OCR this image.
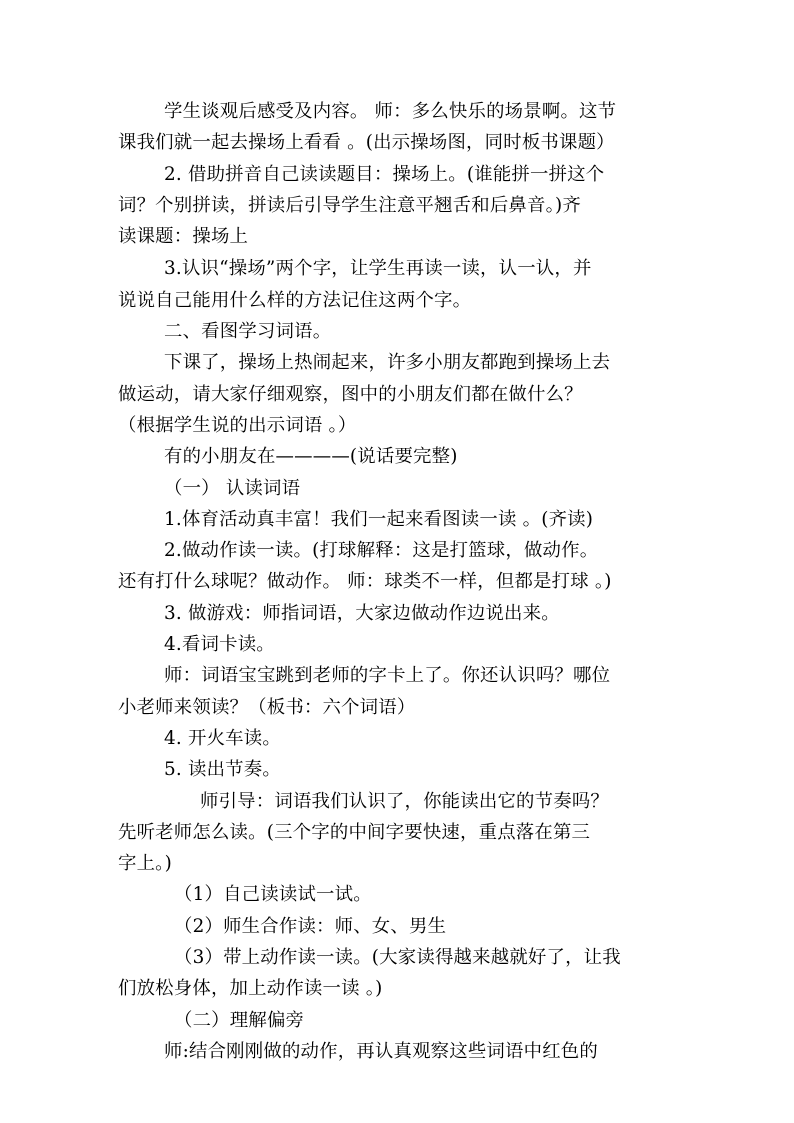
学生谈观后感受及内容。 师：多么快乐的场景啊。这节
课我们就一起去操场上看看 。(出示操场图，同时板书课题）
2. 借助拼音自己读读题目：操场上。(谁能拼一拼这个
词？个别拼读，拼读后引导学生注意平翘舌和后鼻音。)齐
读课题：操场上
3.认识“操场”两个字，让学生再读一读，认一认，并
说说自己能用什么样的方法记住这两个字。
二、看图学习词语。
下课了，操场上热闹起来，许多小朋友都跑到操场上去
做运动，请大家仔细观察，图中的小朋友们都在做什么？
（根据学生说的出示词语 。）
有的小朋友在————(说话要完整)
（一） 认读词语
1.体育活动真丰富！我们一起来看图读一读 。(齐读)
2.做动作读一读。(打球解释：这是打篮球，做动作。
还有打什么球呢？做动作。 师：球类不一样，但都是打球 。)
3. 做游戏：师指词语，大家边做动作边说出来。
4.看词卡读。
师：词语宝宝跳到老师的字卡上了。你还认识吗？哪位
小老师来领读？（板书：六个词语）
4. 开火车读。
5. 读出节奏。
师引导：词语我们认识了，你能读出它的节奏吗？
先听老师怎么读。(三个字的中间字要快速，重点落在第三
字上。)
（1）自己读读试一试。
（2）师生合作读：师、女、男生
（3）带上动作读一读。(大家读得越来越就好了，让我
们放松身体，加上动作读一读 。)
（二）理解偏旁
师:结合刚刚做的动作，再认真观察这些词语中红色的
